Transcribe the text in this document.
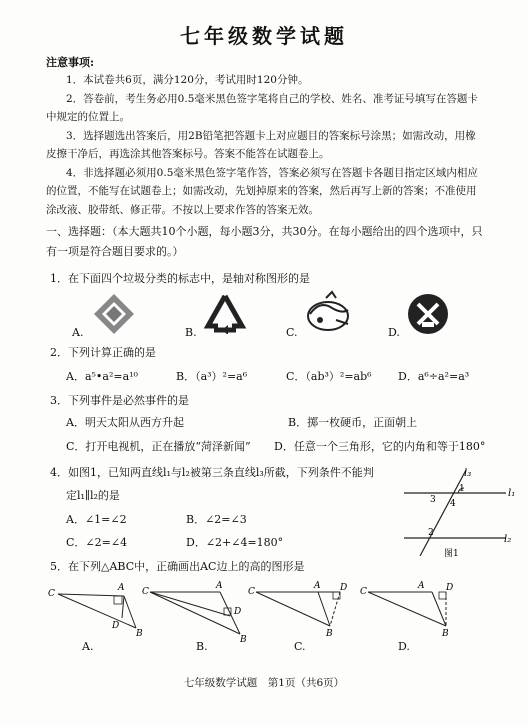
七年级数学试题
注意事项:
1．本试卷共6页，满分120分，考试用时120分钟。
2．答卷前，考生务必用0.5毫米黑色签字笔将自己的学校、姓名、准考证号填写在答题卡
中规定的位置上。
3．选择题选出答案后，用2B铅笔把答题卡上对应题目的答案标号涂黑；如需改动，用橡
皮擦干净后，再选涂其他答案标号。答案不能答在试题卷上。
4．非选择题必须用0.5毫米黑色签字笔作答，答案必须写在答题卡各题目指定区域内相应
的位置，不能写在试题卷上；如需改动，先划掉原来的答案，然后再写上新的答案；不准使用
涂改液、胶带纸、修正带。不按以上要求作答的答案无效。
一、选择题：（本大题共10个小题，每小题3分，共30分。在每小题给出的四个选项中，只
有一项是符合题目要求的。）
1．在下面四个垃圾分类的标志中，是轴对称图形的是
A.	B.	C.	D.
2．下列计算正确的是
A．a⁵•a²=a¹⁰	B．（a³）²=a⁶	C．（ab³）²=ab⁶ D．a⁶÷a²=a³
3．下列事件是必然事件的是
A．明天太阳从西方升起	B．掷一枚硬币，正面朝上
C．打开电视机，正在播放“菏泽新闻” D．任意一个三角形，它的内角和等于180°
4．如图1，已知两直线l₁与l₂被第三条直线l₃所截，下列条件不能判
定l₁∥l₂的是
A．∠1=∠2	B．∠2=∠3
C．∠2=∠4	D．∠2+∠4=180°
l₃
l₁
l₂
1
3 4
2
图1
5．在下列△ABC中，正确画出AC边上的高的图形是
C
A
D
B
C
A
D
B
C
A D
B
C
A D
B
A.	B.	C.	D.
七年级数学试题　第1页（共6页）
